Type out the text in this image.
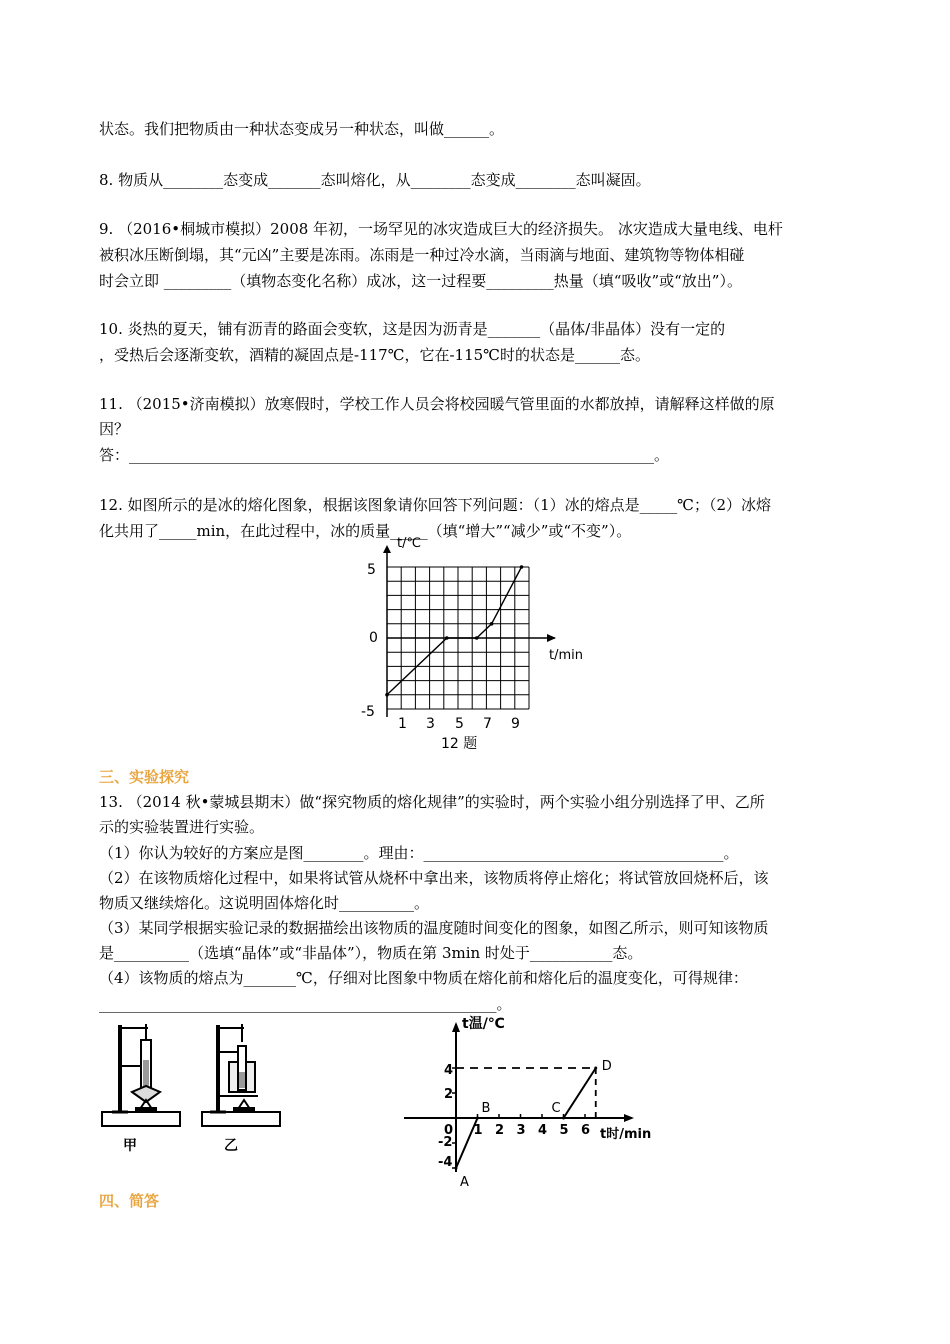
状态。我们把物质由一种状态变成另一种状态，叫做______。
8. 物质从________态变成_______态叫熔化，从________态变成________态叫凝固。
9. （2016•桐城市模拟）2008 年初，一场罕见的冰灾造成巨大的经济损失。 冰灾造成大量电线、电杆
被积冰压断倒塌，其“元凶”主要是冻雨。冻雨是一种过冷水滴，当雨滴与地面、建筑物等物体相碰
时会立即 _________（填物态变化名称）成冰，这一过程要_________热量（填“吸收”或“放出”）。
10. 炎热的夏天，铺有沥青的路面会变软，这是因为沥青是_______（晶体/非晶体）没有一定的
，受热后会逐渐变软，酒精的凝固点是-117℃，它在-115℃时的状态是______态。
11. （2015•济南模拟）放寒假时，学校工作人员会将校园暖气管里面的水都放掉，请解释这样做的原
因？
答：______________________________________________________________________。
12. 如图所示的是冰的熔化图象，根据该图象请你回答下列问题：（1）冰的熔点是_____℃；（2）冰熔
化共用了_____min，在此过程中，冰的质量_____（填“增大”“减少”或“不变”）。
t/℃
t/min
5
0
-5
1 3 5 7 9
12 题
三、实验探究
13. （2014 秋•蒙城县期末）做“探究物质的熔化规律”的实验时，两个实验小组分别选择了甲、乙所
示的实验装置进行实验。
（1）你认为较好的方案应是图________。理由：________________________________________。
（2）在该物质熔化过程中，如果将试管从烧杯中拿出来，该物质将停止熔化；将试管放回烧杯后，该
物质又继续熔化。这说明固体熔化时__________。
（3）某同学根据实验记录的数据描绘出该物质的温度随时间变化的图象，如图乙所示，则可知该物质
是__________（选填“晶体”或“非晶体”），物质在第 3min 时处于___________态。
（4）该物质的熔点为_______℃，仔细对比图象中物质在熔化前和熔化后的温度变化，可得规律：
_____________________________________________________。
甲	乙
t温/℃
t时/min
4
2
0
-2
-4
1 2 3 4 5 6
A
B	C
D
四、简答
